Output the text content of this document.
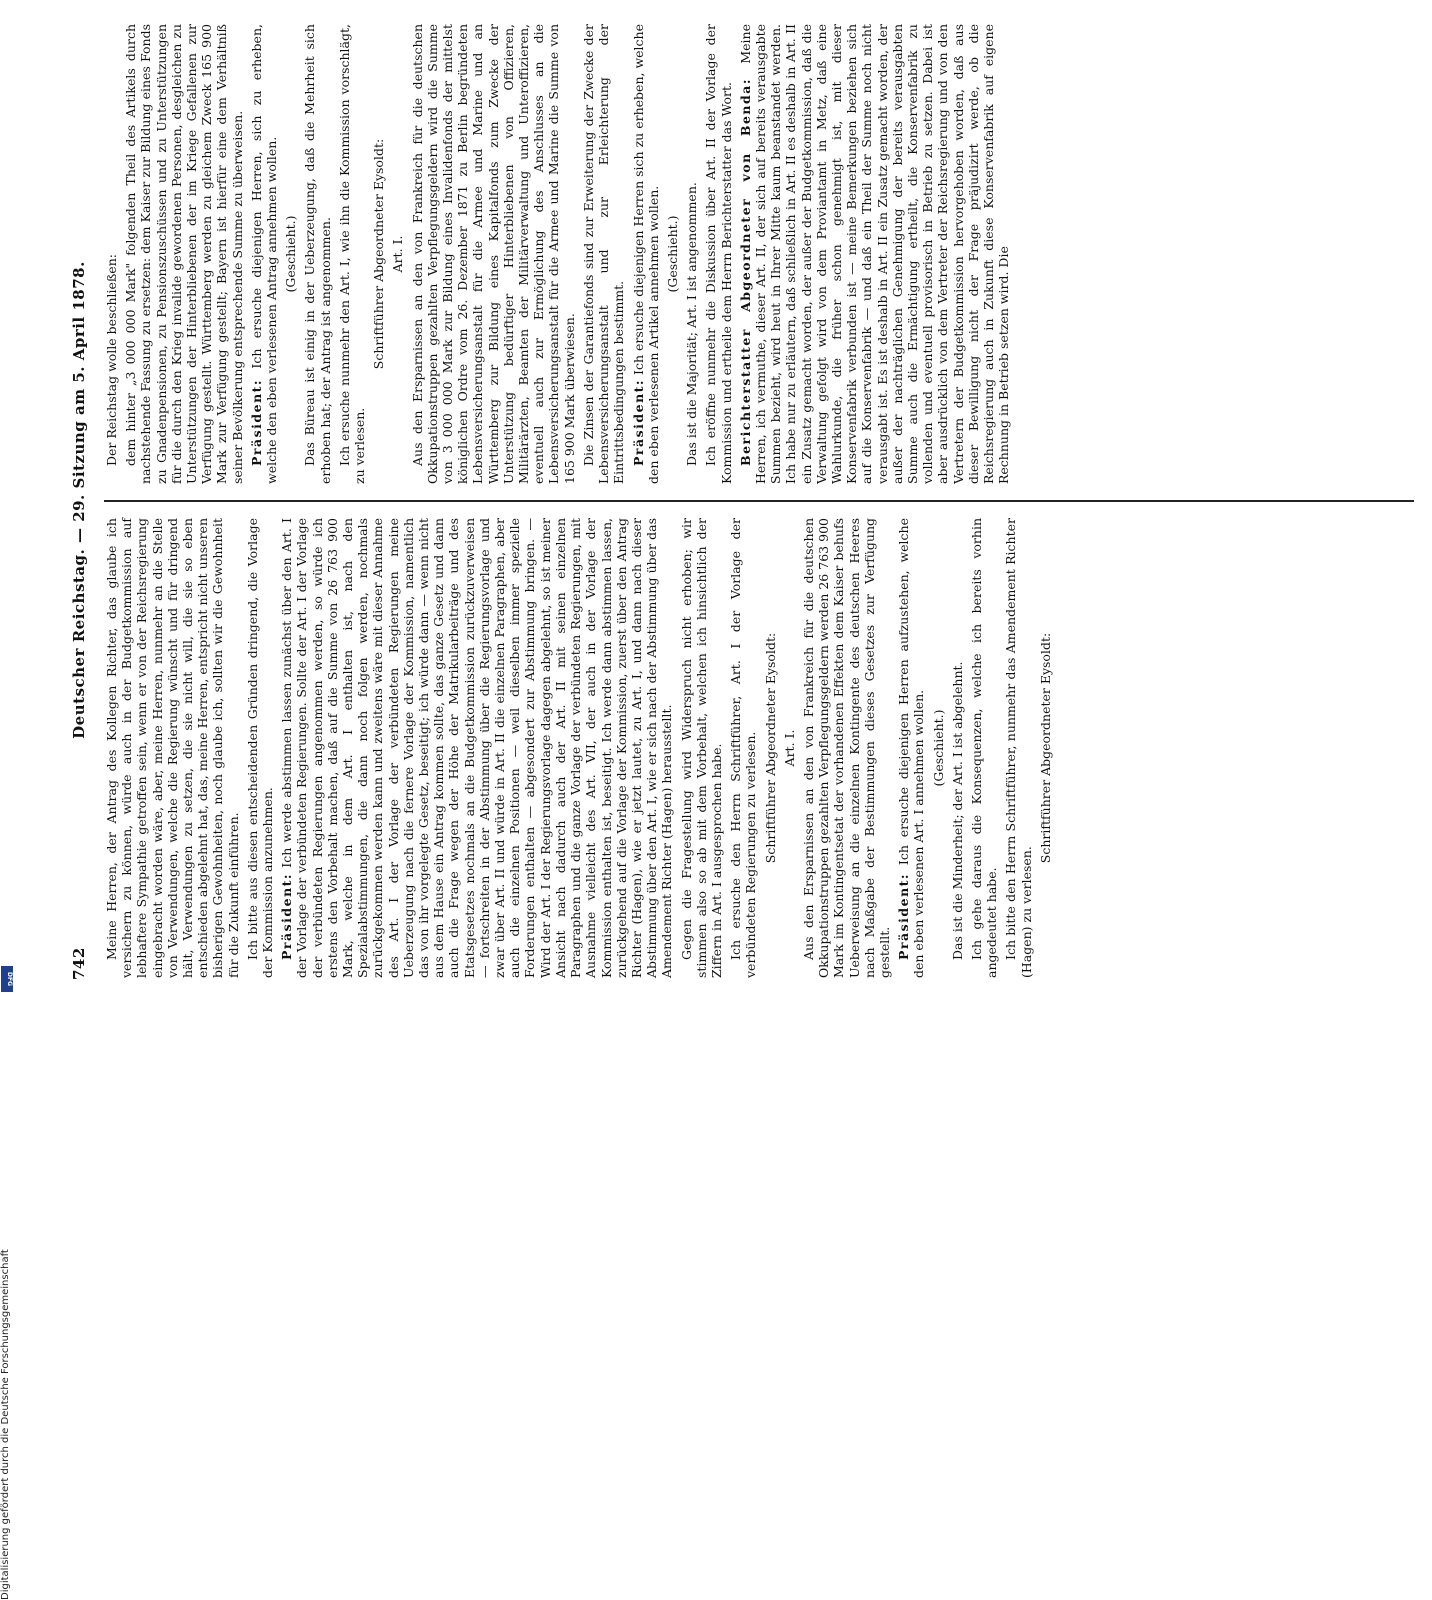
742
Deutscher Reichstag. — 29. Sitzung am 5. April 1878.

Meine Herren, der Antrag des Kollegen Richter, das glaube ich versichern zu können, würde auch in der Budgetkommission auf lebhaftere Sympathie getroffen sein, wenn er von der Reichsregierung eingebracht worden wäre, aber, meine Herren, nunmehr an die Stelle von Verwendungen, welche die Regierung wünscht und für dringend hält, Verwendungen zu setzen, die sie nicht will, die sie so eben entschieden abgelehnt hat, das, meine Herren, entspricht nicht unseren bisherigen Gewohnheiten, noch glaube ich, sollten wir die Gewohnheit für die Zukunft einführen. Ich bitte aus diesen entscheidenden Gründen dringend, die Vorlage der Kommission anzunehmen. Präsident: Ich werde abstimmen lassen zunächst über den Art. I der Vorlage der verbündeten Regierungen. Sollte der Art. I der Vorlage der verbündeten Regierungen angenommen werden, so würde ich erstens den Vorbehalt machen, daß auf die Summe von 26 763 900 Mark, welche in dem Art. I enthalten ist, nach den Spezialabstimmungen, die dann noch folgen werden, nochmals zurückgekommen werden kann und zweitens wäre mit dieser Annahme des Art. I der Vorlage der verbündeten Regierungen meine Ueberzeugung nach die fernere Vorlage der Kommission, namentlich das von ihr vorgelegte Gesetz, beseitigt; ich würde dann — wenn nicht aus dem Hause ein Antrag kommen sollte, das ganze Gesetz und dann auch die Frage wegen der Höhe der Matrikularbeiträge und des Etatsgesetzes nochmals an die Budgetkommission zurückzuverweisen — fortschreiten in der Abstimmung über die Regierungsvorlage und zwar über Art. II und würde in Art. II die einzelnen Paragraphen, aber auch die einzelnen Positionen — weil dieselben immer spezielle Forderungen enthalten — abgesondert zur Abstimmung bringen. — Wird der Art. I der Regierungsvorlage dagegen abgelehnt, so ist meiner Ansicht nach dadurch auch der Art. II mit seinen einzelnen Paragraphen und die ganze Vorlage der verbündeten Regierungen, mit Ausnahme vielleicht des Art. VII, der auch in der Vorlage der Kommission enthalten ist, beseitigt. Ich werde dann abstimmen lassen, zurückgehend auf die Vorlage der Kommission, zuerst über den Antrag Richter (Hagen), wie er jetzt lautet, zu Art. I, und dann nach dieser Abstimmung über den Art. I, wie er sich nach der Abstimmung über das Amendement Richter (Hagen) herausstellt. Gegen die Fragestellung wird Widerspruch nicht erhoben; wir stimmen also so ab mit dem Vorbehalt, welchen ich hinsichtlich der Ziffern in Art. I ausgesprochen habe. Ich ersuche den Herrn Schriftführer, Art. I der Vorlage der verbündeten Regierungen zu verlesen. Schriftführer Abgeordneter Eysoldt: Art. I. Aus den Ersparnissen an den von Frankreich für die deutschen Okkupationstruppen gezahlten Verpflegungsgeldern werden 26 763 900 Mark im Kontingentsetat der vorhandenen Effekten dem Kaiser behufs Ueberweisung an die einzelnen Kontingente des deutschen Heeres nach Maßgabe der Bestimmungen dieses Gesetzes zur Verfügung gestellt. Präsident: Ich ersuche diejenigen Herren aufzustehen, welche den eben verlesenen Art. I annehmen wollen. (Geschieht.) Das ist die Minderheit; der Art. I ist abgelehnt. Ich gehe daraus die Konsequenzen, welche ich bereits vorhin angedeutet habe. Ich bitte den Herrn Schriftführer, nunmehr das Amendement Richter (Hagen) zu verlesen.

Schriftführer Abgeordneter Eysoldt:

Der Reichstag wolle beschließen: dem hinter „3 000 000 Mark" folgenden Theil des Artikels durch nachstehende Fassung zu ersetzen: dem Kaiser zur Bildung eines Fonds zu Gnadenpensionen, zu Pensionszuschüssen und zu Unterstützungen für die durch den Krieg invalide gewordenen Personen, desgleichen zu Unterstützungen der Hinterbliebenen der im Kriege Gefallenen zur Verfügung gestellt. Württemberg werden zu gleichem Zweck 165 900 Mark zur Verfügung gestellt; Bayern ist hierfür eine dem Verhältniß seiner Bevölkerung entsprechende Summe zu überweisen. Präsident: Ich ersuche diejenigen Herren, sich zu erheben, welche den eben verlesenen Antrag annehmen wollen. (Geschieht.) Das Büreau ist einig in der Ueberzeugung, daß die Mehrheit sich erhoben hat; der Antrag ist angenommen. Ich ersuche nunmehr den Art. I, wie ihn die Kommission vorschlägt, zu verlesen.

Schriftführer Abgeordneter Eysoldt: Art. I. Aus den Ersparnissen an den von Frankreich für die deutschen Okkupationstruppen gezahlten Verpflegungsgeldern wird die Summe von 3 000 000 Mark zur Bildung eines Invalidenfonds der mittelst königlichen Ordre vom 26. Dezember 1871 zu Berlin begründeten Lebensversicherungsanstalt für die Armee und Marine und an Württemberg zur Bildung eines Kapitalfonds zum Zwecke der Unterstützung bedürftiger Hinterbliebenen von Offizieren, Militärärzten, Beamten der Militärverwaltung und Unteroffizieren, eventuell auch zur Ermöglichung des Anschlusses an die Lebensversicherungsanstalt für die Armee und Marine die Summe von 165 900 Mark überwiesen. Die Zinsen der Garantiefonds sind zur Erweiterung der Zwecke der Lebensversicherungsanstalt und zur Erleichterung der Eintrittsbedingungen bestimmt. Präsident: Ich ersuche diejenigen Herren sich zu erheben, welche den eben verlesenen Artikel annehmen wollen. (Geschieht.) Das ist die Majorität; Art. I ist angenommen. Ich eröffne nunmehr die Diskussion über Art. II der Vorlage der Kommission und ertheile dem Herrn Berichterstatter das Wort. Berichterstatter Abgeordneter von Benda: Meine Herren, ich vermuthe, dieser Art. II, der sich auf bereits verausgabte Summen bezieht, wird heut in Ihrer Mitte kaum beanstandet werden. Ich habe nur zu erläutern, daß schließlich in Art. II es deshalb in Art. II ein Zusatz gemacht worden, der außer der Budgetkommission, daß die Verwaltung gefolgt wird von dem Proviantamt in Metz, daß eine Wahlurkunde, die früher schon genehmigt ist, mit dieser Konservenfabrik verbunden ist — meine Bemerkungen beziehen sich auf die Konservenfabrik — und daß ein Theil der Summe noch nicht verausgabt ist. Es ist deshalb in Art. II ein Zusatz gemacht worden, der außer der nachträglichen Genehmigung der bereits verausgabten Summe auch die Ermächtigung ertheilt, die Konservenfabrik zu vollenden und eventuell provisorisch in Betrieb zu setzen. Dabei ist aber ausdrücklich von dem Vertreter der Reichsregierung und von den Vertretern der Budgetkommission hervorgehoben worden, daß aus dieser Bewilligung nicht der Frage präjudizirt werde, ob die Reichsregierung auch in Zukunft diese Konservenfabrik auf eigene Rechnung in Betrieb setzen wird. Die

Digitalisierung gefördert durch die Deutsche Forschungsgemeinschaft
DFG
